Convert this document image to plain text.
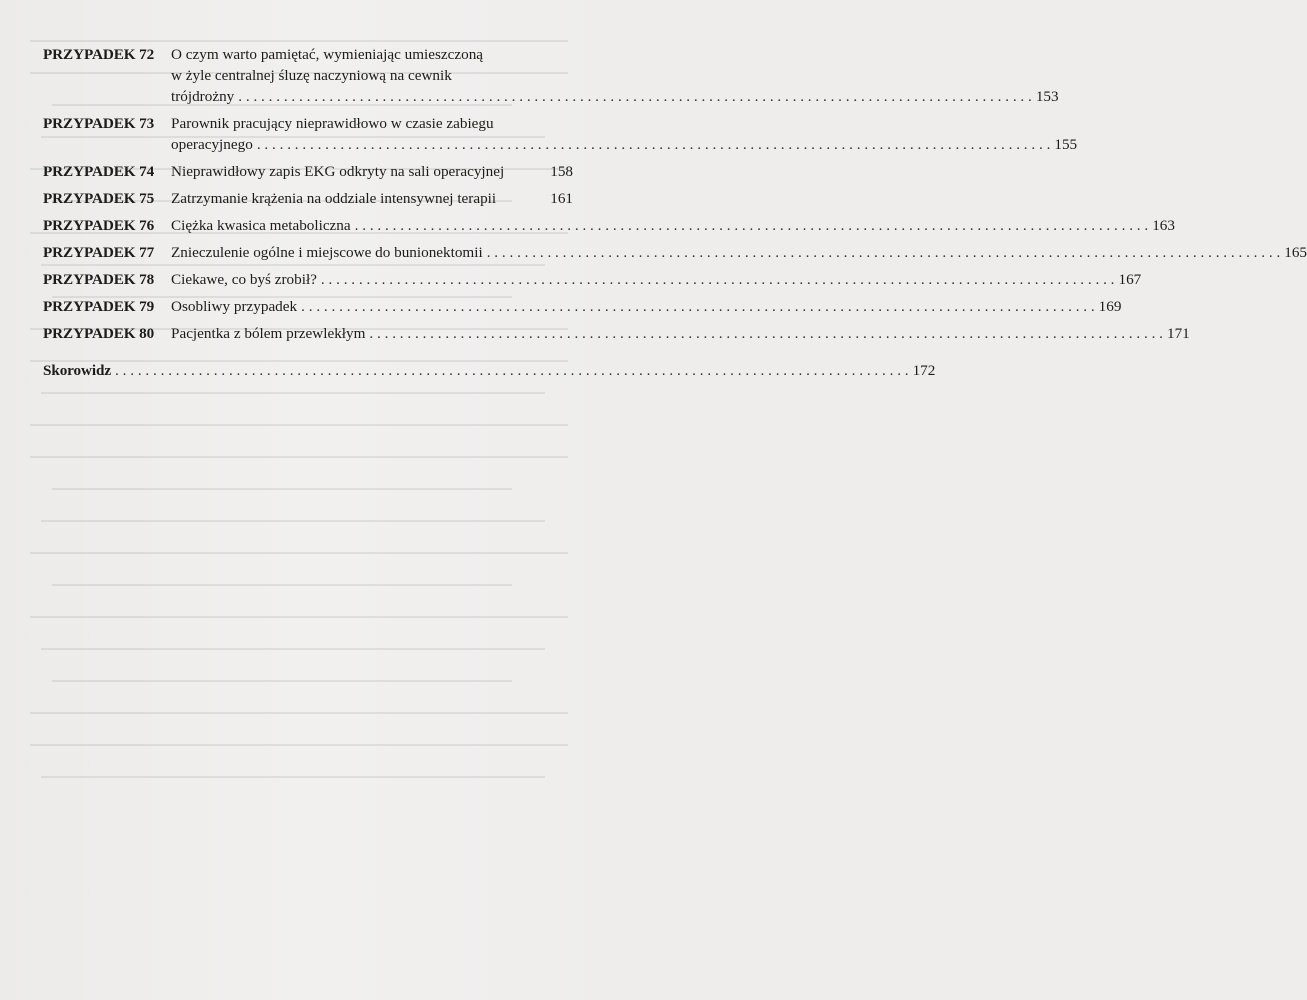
PRZYPADEK 72	O czym warto pamiętać, wymieniając umieszczoną
w żyle centralnej śluzę naczyniową na cewnik
trójdrożny . . .	153
PRZYPADEK 73	Parownik pracujący nieprawidłowo w czasie zabiegu
operacyjnego . . .	155
PRZYPADEK 74	Nieprawidłowy zapis EKG odkryty na sali operacyjnej	158
PRZYPADEK 75	Zatrzymanie krążenia na oddziale intensywnej terapii	161
PRZYPADEK 76	Ciężka kwasica metaboliczna . . .	163
PRZYPADEK 77	Znieczulenie ogólne i miejscowe do bunionektomii . . .	165
PRZYPADEK 78	Ciekawe, co byś zrobił? . . .	167
PRZYPADEK 79	Osobliwy przypadek . . .	169
PRZYPADEK 80	Pacjentka z bólem przewlekłym . . .	171
Skorowidz . . .	172
